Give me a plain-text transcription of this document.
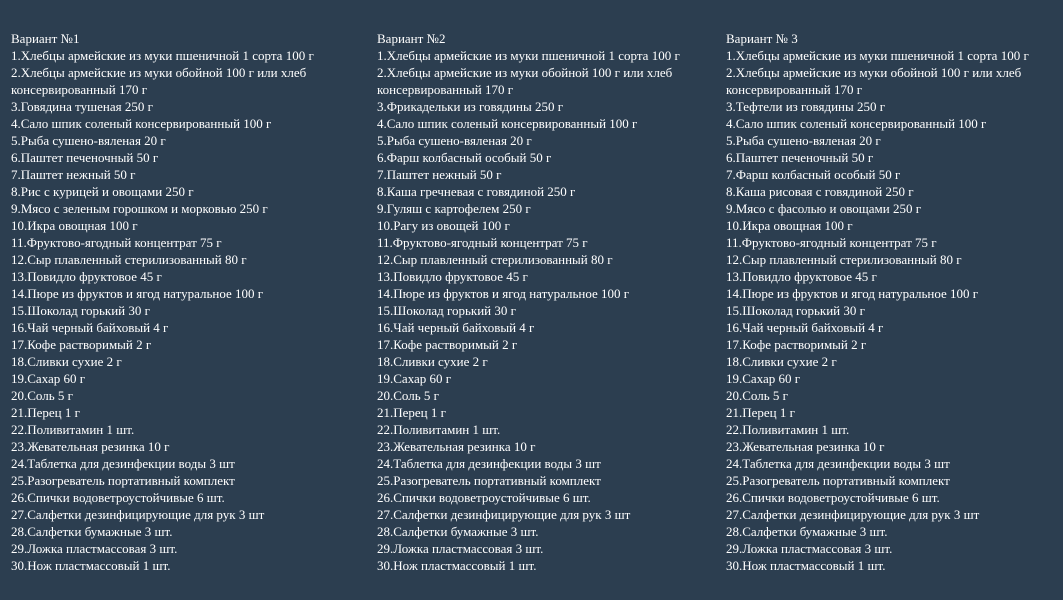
Вариант №1
1.Хлебцы армейские из муки пшеничной 1 сорта 100 г
2.Хлебцы армейские из муки обойной 100 г или хлеб консервированный 170 г
3.Говядина тушеная 250 г
4.Сало шпик соленый консервированный 100 г
5.Рыба сушено-вяленая 20 г
6.Паштет печеночный 50 г
7.Паштет нежный 50 г
8.Рис с курицей и овощами 250 г
9.Мясо с зеленым горошком и морковью 250 г
10.Икра овощная 100 г
11.Фруктово-ягодный концентрат 75 г
12.Сыр плавленный стерилизованный 80 г
13.Повидло фруктовое 45 г
14.Пюре из фруктов и ягод натуральное 100 г
15.Шоколад горький 30 г
16.Чай черный байховый 4 г
17.Кофе растворимый 2 г
18.Сливки сухие 2 г
19.Сахар 60 г
20.Соль 5 г
21.Перец 1 г
22.Поливитамин 1 шт.
23.Жевательная резинка 10 г
24.Таблетка для дезинфекции воды 3 шт
25.Разогреватель портативный комплект
26.Спички водоветроустойчивые 6 шт.
27.Салфетки дезинфицирующие для рук 3 шт
28.Салфетки бумажные 3 шт.
29.Ложка пластмассовая 3 шт.
30.Нож пластмассовый 1 шт.
Вариант №2
1.Хлебцы армейские из муки пшеничной 1 сорта 100 г
2.Хлебцы армейские из муки обойной 100 г или хлеб консервированный 170 г
3.Фрикадельки из говядины 250 г
4.Сало шпик соленый консервированный 100 г
5.Рыба сушено-вяленая 20 г
6.Фарш колбасный особый 50 г
7.Паштет нежный 50 г
8.Каша гречневая с говядиной 250 г
9.Гуляш с картофелем 250 г
10.Рагу из овощей 100 г
11.Фруктово-ягодный концентрат 75 г
12.Сыр плавленный стерилизованный 80 г
13.Повидло фруктовое 45 г
14.Пюре из фруктов и ягод натуральное 100 г
15.Шоколад горький 30 г
16.Чай черный байховый 4 г
17.Кофе растворимый 2 г
18.Сливки сухие 2 г
19.Сахар 60 г
20.Соль 5 г
21.Перец 1 г
22.Поливитамин 1 шт.
23.Жевательная резинка 10 г
24.Таблетка для дезинфекции воды 3 шт
25.Разогреватель портативный комплект
26.Спички водоветроустойчивые 6 шт.
27.Салфетки дезинфицирующие для рук 3 шт
28.Салфетки бумажные 3 шт.
29.Ложка пластмассовая 3 шт.
30.Нож пластмассовый 1 шт.
Вариант № 3
1.Хлебцы армейские из муки пшеничной 1 сорта 100 г
2.Хлебцы армейские из муки обойной 100 г или хлеб консервированный 170 г
3.Тефтели из говядины 250 г
4.Сало шпик соленый консервированный 100 г
5.Рыба сушено-вяленая 20 г
6.Паштет печеночный 50 г
7.Фарш колбасный особый 50 г
8.Каша рисовая с говядиной 250 г
9.Мясо с фасолью и овощами 250 г
10.Икра овощная 100 г
11.Фруктово-ягодный концентрат 75 г
12.Сыр плавленный стерилизованный 80 г
13.Повидло фруктовое 45 г
14.Пюре из фруктов и ягод натуральное 100 г
15.Шоколад горький 30 г
16.Чай черный байховый 4 г
17.Кофе растворимый 2 г
18.Сливки сухие 2 г
19.Сахар 60 г
20.Соль 5 г
21.Перец 1 г
22.Поливитамин 1 шт.
23.Жевательная резинка 10 г
24.Таблетка для дезинфекции воды 3 шт
25.Разогреватель портативный комплект
26.Спички водоветроустойчивые 6 шт.
27.Салфетки дезинфицирующие для рук 3 шт
28.Салфетки бумажные 3 шт.
29.Ложка пластмассовая 3 шт.
30.Нож пластмассовый 1 шт.
